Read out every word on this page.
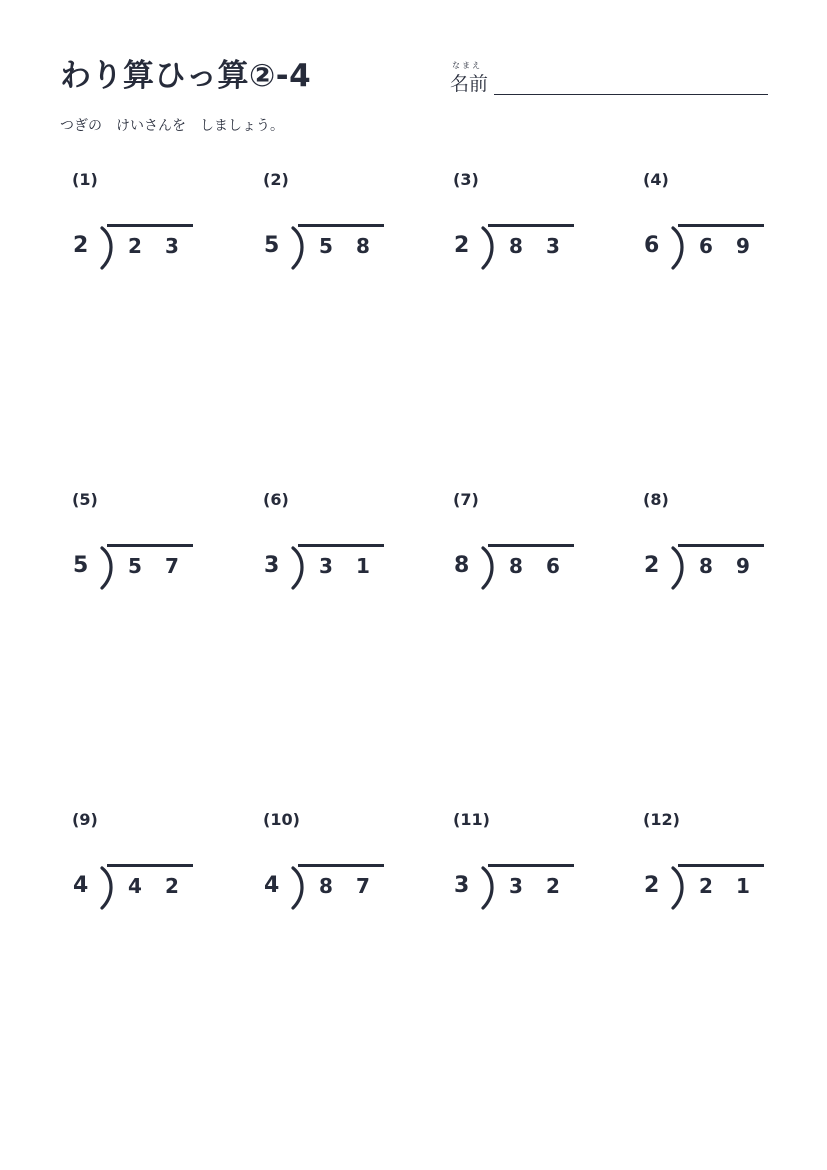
わり算ひっ算②-4	なまえ
名前
つぎの　けいさんを　しましょう。
(1)
2 2 3
(2)
5 5 8
(3)
2 8 3
(4)
6 6 9
(5)
5 5 7
(6)
3 3 1
(7)
8 8 6
(8)
2 8 9
(9)
4 4 2
(10)
4 8 7
(11)
3 3 2
(12)
2 2 1
